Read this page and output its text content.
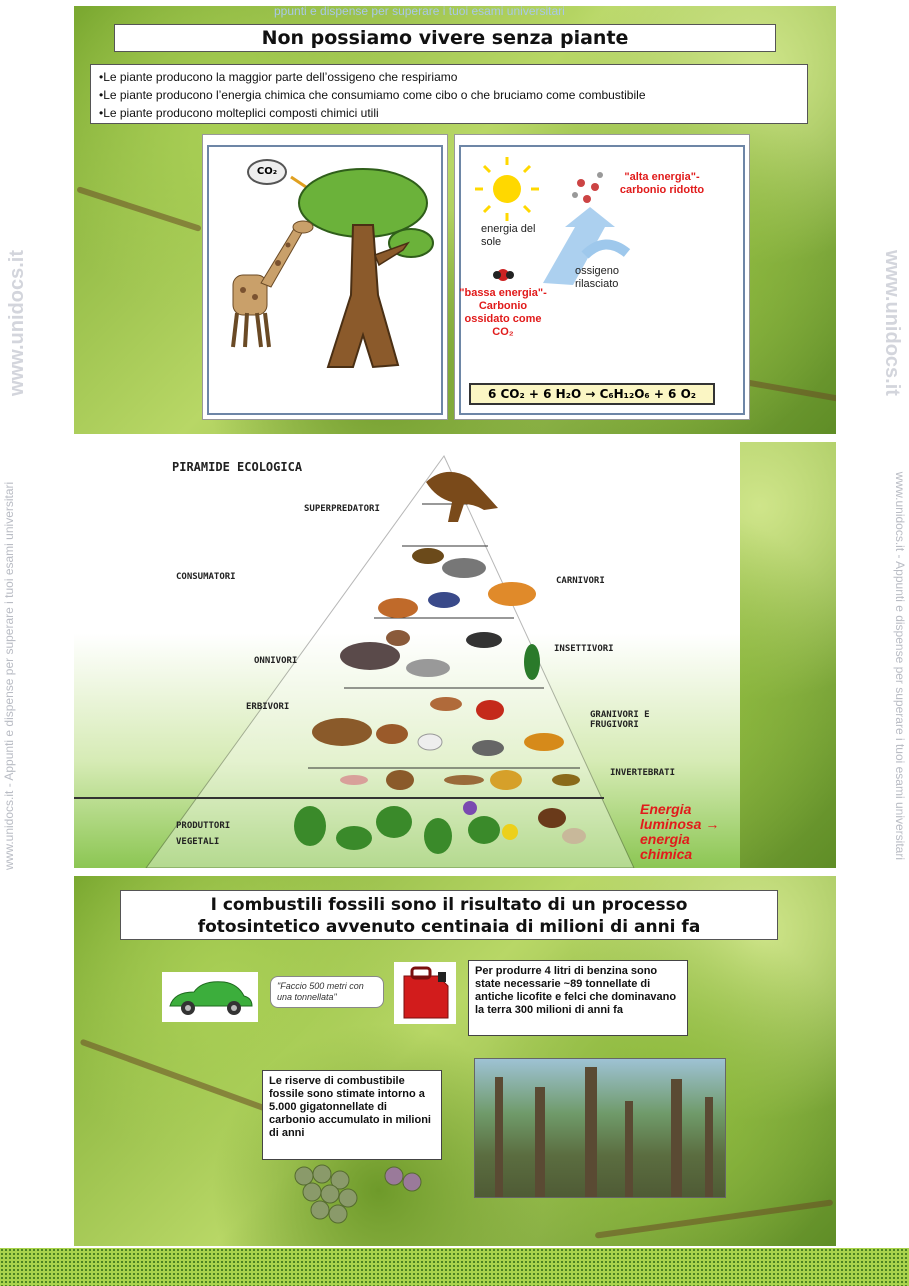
www.unidocs.it - Appunti e dispense per superare i tuoi esami universitari	www.unidocs.it - Appunti e dispense per superare i tuoi esami universitari
www.unidocs.it	www.unidocs.it
ppunti e dispense per superare i tuoi esami universitari
Non possiamo vivere senza piante
•Le piante producono la maggior parte dell’ossigeno che respiriamo
•Le piante producono l’energia chimica che consumiamo come cibo o che bruciamo come combustibile
•Le piante producono molteplici composti chimici utili
CO₂	"alta energia"- carbonio ridotto
energia del sole
ossigeno rilasciato
"bassa energia"- Carbonio ossidato come CO₂
6 CO₂ + 6 H₂O → C₆H₁₂O₆ + 6 O₂
PIRAMIDE ECOLOGICA
SUPERPREDATORI
CONSUMATORI	CARNIVORI
ONNIVORI
INSETTIVORI
ERBIVORI
GRANIVORI E FRUGIVORI
INVERTEBRATI
PRODUTTORI VEGETALI
Energia luminosa → energia chimica
I combustili fossili sono il risultato di un processo
fotosintetico avvenuto centinaia di milioni di anni fa
"Faccio 500 metri con una tonnellata"
Per produrre 4 litri di benzina sono state necessarie ~89 tonnellate di antiche licofite e felci che dominavano la terra 300 milioni di anni fa
Le riserve di combustibile fossile sono stimate intorno a 5.000 gigatonnellate di carbonio accumulato in milioni di anni
